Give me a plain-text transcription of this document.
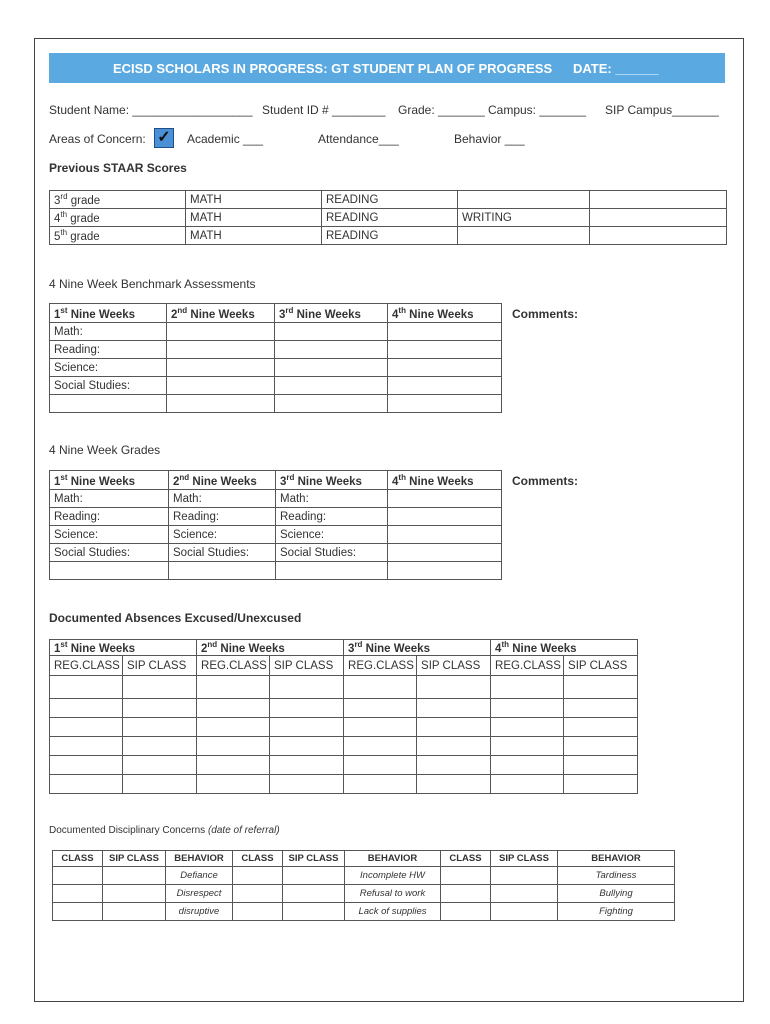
ECISD SCHOLARS IN PROGRESS: GT STUDENT PLAN OF PROGRESS DATE: ______
Student Name: __________________ Student ID # ________ Grade: _______ Campus: _______ SIP Campus_______
Areas of Concern: ✓ Academic ___	Attendance___	Behavior ___
Previous STAAR Scores
3rd grade	MATH	READING		
4th grade	MATH	READING	WRITING	
5th grade	MATH	READING		
4 Nine Week Benchmark Assessments
1st Nine Weeks	2nd Nine Weeks	3rd Nine Weeks	4th Nine Weeks
Math:			
Reading:			
Science:			
Social Studies:			

Comments:
4 Nine Week Grades
1st Nine Weeks	2nd Nine Weeks	3rd Nine Weeks	4th Nine Weeks
Math:	Math:	Math:	
Reading:	Reading:	Reading:	
Science:	Science:	Science:	
Social Studies:	Social Studies:	Social Studies:	

Comments:
Documented Absences Excused/Unexcused
1st Nine Weeks		2nd Nine Weeks		3rd Nine Weeks		4th Nine Weeks	
REG.CLASS	SIP CLASS	REG.CLASS	SIP CLASS	REG.CLASS	SIP CLASS	REG.CLASS	SIP CLASS

Documented Disciplinary Concerns (date of referral)
CLASS	SIP CLASS	BEHAVIOR	CLASS	SIP CLASS	BEHAVIOR	CLASS	SIP CLASS	BEHAVIOR
		Defiance			Incomplete HW			Tardiness
		Disrespect			Refusal to work			Bullying
		disruptive			Lack of supplies			Fighting
